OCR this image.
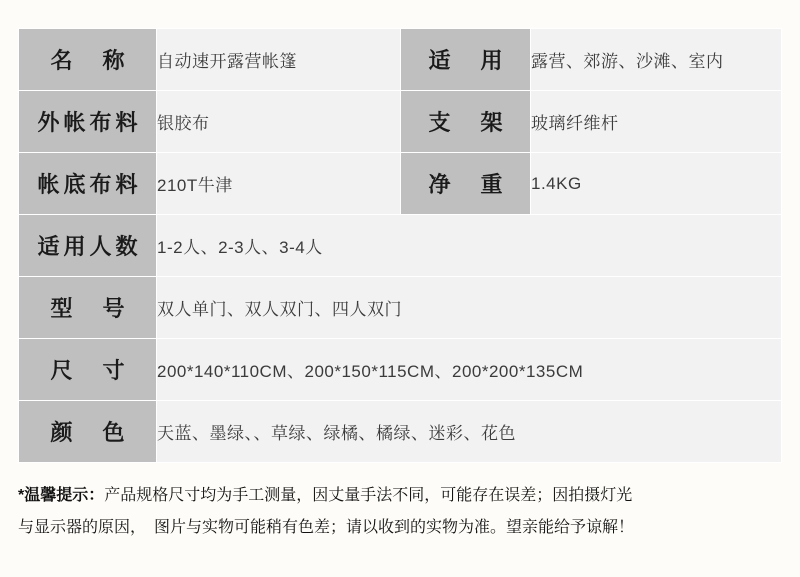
名　称	自动速开露营帐篷	适　用	露营、郊游、沙滩、室内
外帐布料	银胶布	支　架	玻璃纤维杆
帐底布料	210T牛津	净　重	1.4KG
适用人数	1-2人、2-3人、3-4人		
型　号	双人单门、双人双门、四人双门		
尺　寸	200*140*110CM、200*150*115CM、200*200*135CM		
颜　色	天蓝、墨绿、、草绿、绿橘、橘绿、迷彩、花色		
*温馨提示：产品规格尺寸均为手工测量，因丈量手法不同，可能存在误差；因拍摄灯光
与显示器的原因，　图片与实物可能稍有色差；请以收到的实物为准。望亲能给予谅解！
